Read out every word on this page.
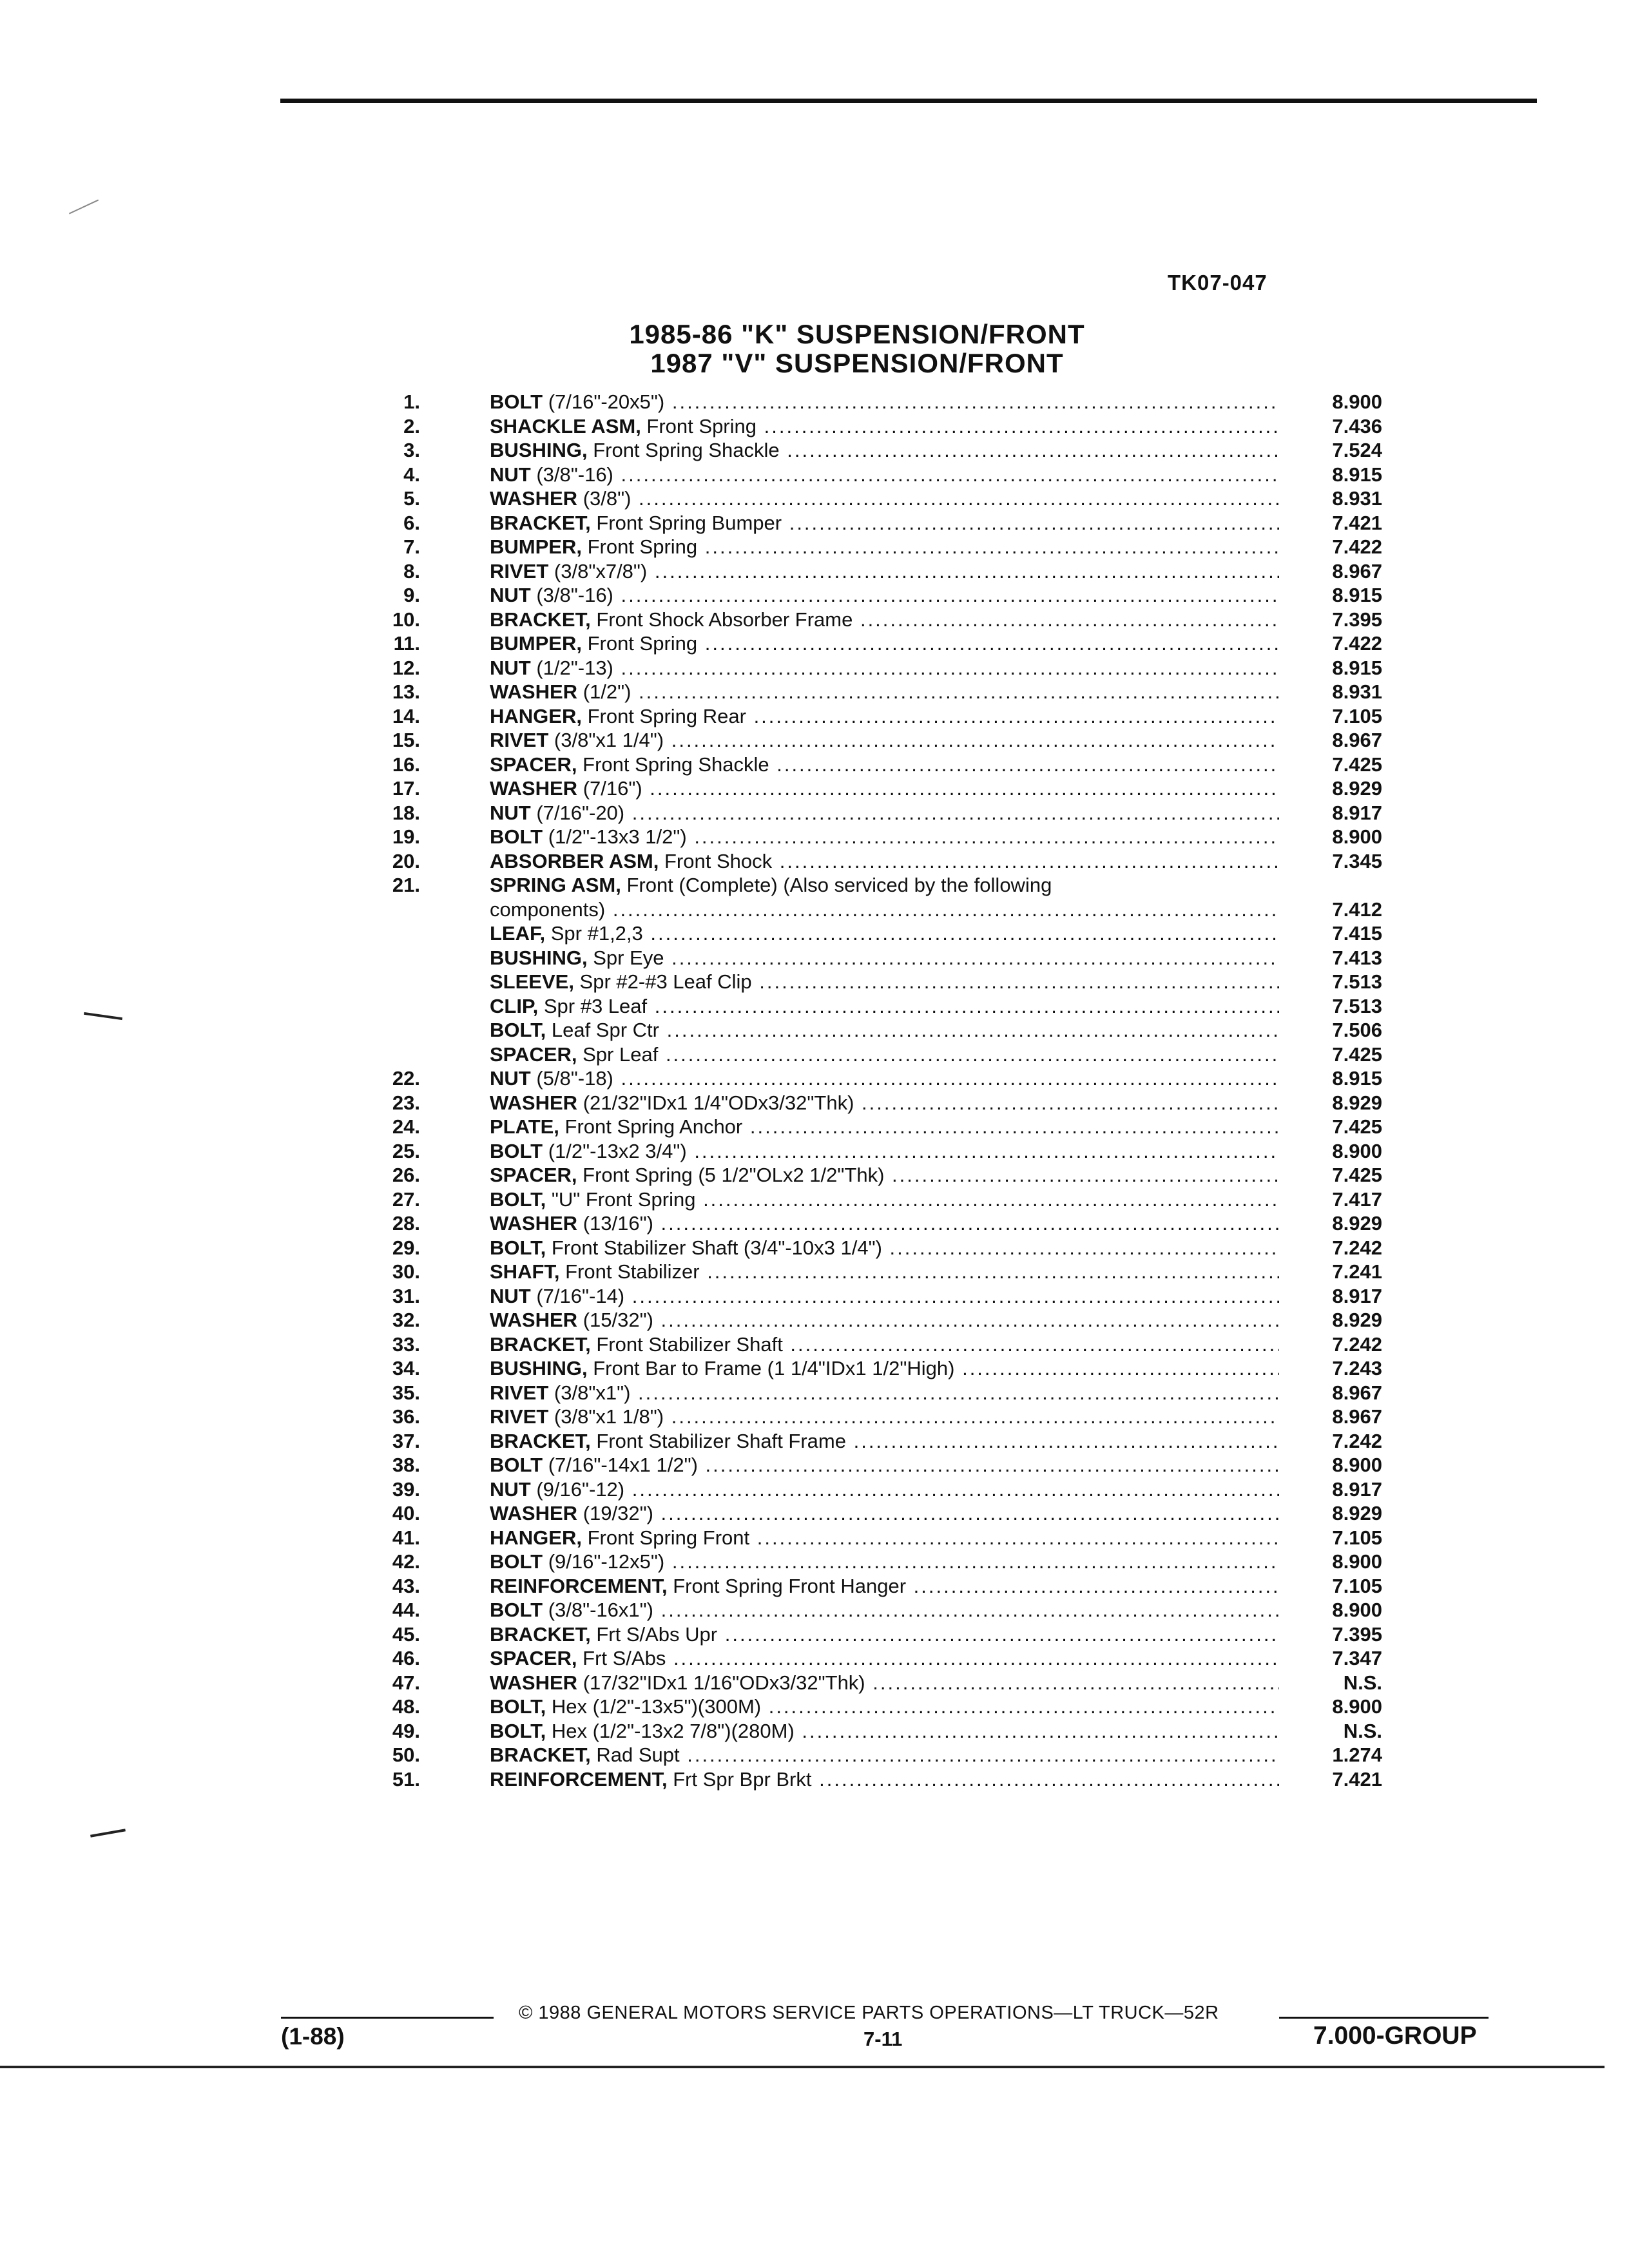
TK07-047
1985-86 "K" SUSPENSION/FRONT
1987 "V" SUSPENSION/FRONT
1.	BOLT (7/16"-20x5") .....	8.900
2.	SHACKLE ASM, Front Spring .....	7.436
3.	BUSHING, Front Spring Shackle .....	7.524
4.	NUT (3/8"-16) .....	8.915
5.	WASHER (3/8") .....	8.931
6.	BRACKET, Front Spring Bumper .....	7.421
7.	BUMPER, Front Spring .....	7.422
8.	RIVET (3/8"x7/8") .....	8.967
9.	NUT (3/8"-16) .....	8.915
10.	BRACKET, Front Shock Absorber Frame .....	7.395
11.	BUMPER, Front Spring .....	7.422
12.	NUT (1/2"-13) .....	8.915
13.	WASHER (1/2") .....	8.931
14.	HANGER, Front Spring Rear .....	7.105
15.	RIVET (3/8"x1 1/4") .....	8.967
16.	SPACER, Front Spring Shackle .....	7.425
17.	WASHER (7/16") .....	8.929
18.	NUT (7/16"-20) .....	8.917
19.	BOLT (1/2"-13x3 1/2") .....	8.900
20.	ABSORBER ASM, Front Shock .....	7.345
21.	SPRING ASM, Front (Complete) (Also serviced by the following
components) .....	7.412
LEAF, Spr #1,2,3 .....	7.415
BUSHING, Spr Eye .....	7.413
SLEEVE, Spr #2-#3 Leaf Clip .....	7.513
CLIP, Spr #3 Leaf .....	7.513
BOLT, Leaf Spr Ctr .....	7.506
SPACER, Spr Leaf .....	7.425
22.	NUT (5/8"-18) .....	8.915
23.	WASHER (21/32"IDx1 1/4"ODx3/32"Thk) .....	8.929
24.	PLATE, Front Spring Anchor .....	7.425
25.	BOLT (1/2"-13x2 3/4") .....	8.900
26.	SPACER, Front Spring (5 1/2"OLx2 1/2"Thk) .....	7.425
27.	BOLT, "U" Front Spring .....	7.417
28.	WASHER (13/16") .....	8.929
29.	BOLT, Front Stabilizer Shaft (3/4"-10x3 1/4") .....	7.242
30.	SHAFT, Front Stabilizer .....	7.241
31.	NUT (7/16"-14) .....	8.917
32.	WASHER (15/32") .....	8.929
33.	BRACKET, Front Stabilizer Shaft .....	7.242
34.	BUSHING, Front Bar to Frame (1 1/4"IDx1 1/2"High) .....	7.243
35.	RIVET (3/8"x1") .....	8.967
36.	RIVET (3/8"x1 1/8") .....	8.967
37.	BRACKET, Front Stabilizer Shaft Frame .....	7.242
38.	BOLT (7/16"-14x1 1/2") .....	8.900
39.	NUT (9/16"-12) .....	8.917
40.	WASHER (19/32") .....	8.929
41.	HANGER, Front Spring Front .....	7.105
42.	BOLT (9/16"-12x5") .....	8.900
43.	REINFORCEMENT, Front Spring Front Hanger .....	7.105
44.	BOLT (3/8"-16x1") .....	8.900
45.	BRACKET, Frt S/Abs Upr .....	7.395
46.	SPACER, Frt S/Abs .....	7.347
47.	WASHER (17/32"IDx1 1/16"ODx3/32"Thk) .....	N.S.
48.	BOLT, Hex (1/2"-13x5")(300M) .....	8.900
49.	BOLT, Hex (1/2"-13x2 7/8")(280M) .....	N.S.
50.	BRACKET, Rad Supt .....	1.274
51.	REINFORCEMENT, Frt Spr Bpr Brkt .....	7.421
© 1988 GENERAL MOTORS SERVICE PARTS OPERATIONS—LT TRUCK—52R
(1-88)	7-11	7.000-GROUP
